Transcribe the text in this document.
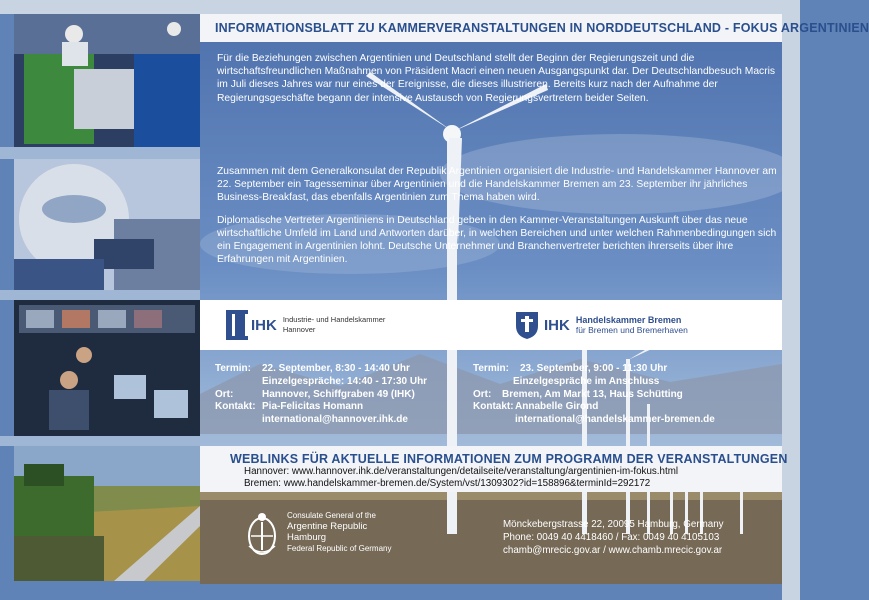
INFORMATIONSBLATT ZU KAMMERVERANSTALTUNGEN IN NORDDEUTSCHLAND - FOKUS ARGENTINIEN

Für die Beziehungen zwischen Argentinien und Deutschland stellt der Beginn der Regierungszeit und die wirtschaftsfreundlichen Maßnahmen von Präsident Macri einen neuen Ausgangspunkt dar. Der Deutschlandbesuch Macris im Juli dieses Jahres war nur eines der Ereignisse, die dieses illustrieren. Bereits kurz nach der Aufnahme der Regierungsgeschäfte begann der intensive Austausch von Regierungsvertretern beider Seiten.

Zusammen mit dem Generalkonsulat der Republik Argentinien organisiert die Industrie- und Handelskammer Hannover am 22. September ein Tagesseminar über Argentinien und die Handelskammer Bremen am 23. September ihr jährliches Business-Breakfast, das ebenfalls Argentinien zum Thema haben wird.

Diplomatische Vertreter Argentiniens in Deutschland geben in den Kammer-Veranstaltungen Auskunft über das neue wirtschaftliche Umfeld im Land und Antworten darüber, in welchen Bereichen und unter welchen Rahmenbedingungen sich ein Engagement in Argentinien lohnt. Deutsche Unternehmer und Branchenvertreter berichten ihrerseits über ihre Erfahrungen mit Argentinien.

IHK Industrie- und Handelskammer
Hannover	IHK Handelskammer Bremen
für Bremen und Bremerhaven
Termin:	22. September, 8:30 - 14:40 Uhr
Einzelgespräche: 14:40 - 17:30 Uhr
Ort:	Hannover, Schiffgraben 49 (IHK)
Kontakt: Pia-Felicitas Homann
international@hannover.ihk.de
Termin:	23. September, 9:00 - 11:30 Uhr
Einzelgespräche im Anschluss
Ort:	Bremen, Am Markt 13, Haus Schütting
Kontakt: Annabelle Girond
international@handelskammer-bremen.de
WEBLINKS FÜR AKTUELLE INFORMATIONEN ZUM PROGRAMM DER VERANSTALTUNGEN
Hannover: www.hannover.ihk.de/veranstaltungen/detailseite/veranstaltung/argentinien-im-fokus.html
Bremen: www.handelskammer-bremen.de/System/vst/1309302?id=158896&terminId=292172
Consulate General of the
Argentine Republic
Hamburg
Federal Republic of Germany
Mönckebergstrasse 22, 20095 Hamburg, Germany
Phone: 0049 40 4418460 / Fax: 0049 40 4105103
chamb@mrecic.gov.ar / www.chamb.mrecic.gov.ar
